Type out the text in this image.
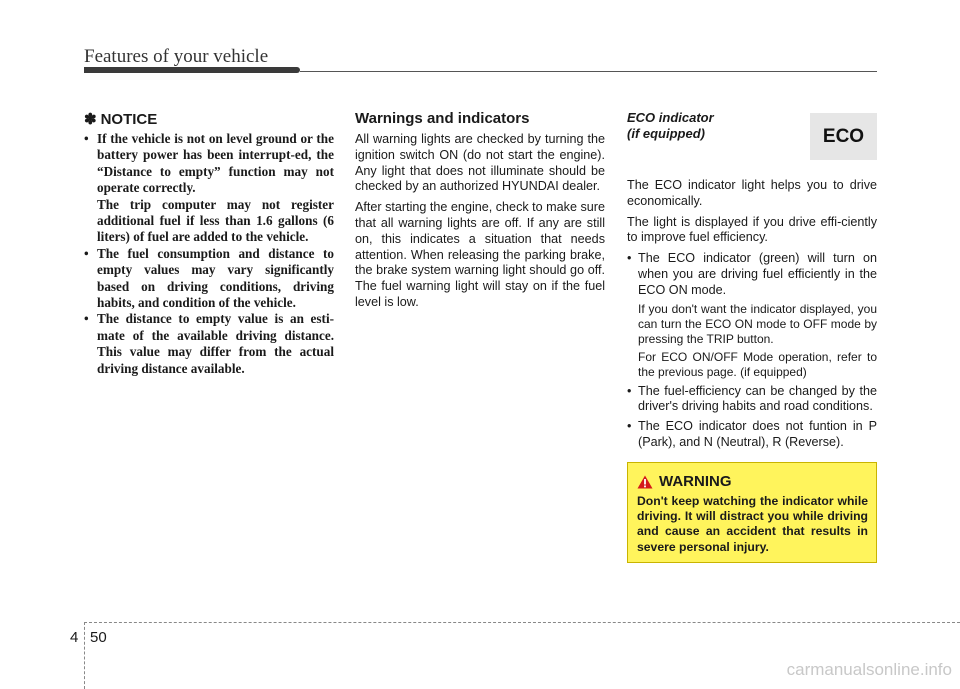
Features of your vehicle
✽ NOTICE
• If the vehicle is not on level ground or the battery power has been interrupt-ed, the “Distance to empty” function may not operate correctly.

The trip computer may not register additional fuel if less than 1.6 gallons (6 liters) of fuel are added to the vehicle.

• The fuel consumption and distance to empty values may vary significantly based on driving conditions, driving habits, and condition of the vehicle.
• The distance to empty value is an esti-mate of the available driving distance. This value may differ from the actual driving distance available.
Warnings and indicators

All warning lights are checked by turning the ignition switch ON (do not start the engine). Any light that does not illuminate should be checked by an authorized HYUNDAI dealer.

After starting the engine, check to make sure that all warning lights are off. If any are still on, this indicates a situation that needs attention. When releasing the parking brake, the brake system warning light should go off. The fuel warning light will stay on if the fuel level is low.

ECO indicator

(if equipped)	ECO

The ECO indicator light helps you to drive economically.

The light is displayed if you drive effi-ciently to improve fuel efficiency.

• The ECO indicator (green) will turn on when you are driving fuel efficiently in the ECO ON mode.

If you don't want the indicator displayed, you can turn the ECO ON mode to OFF mode by pressing the TRIP button.

For ECO ON/OFF Mode operation, refer to the previous page. (if equipped)

• The fuel-efficiency can be changed by the driver's driving habits and road conditions.

• The ECO indicator does not funtion in P (Park), and N (Neutral), R (Reverse).

WARNING
Don't keep watching the indicator while driving. It will distract you while driving and cause an accident that results in severe personal injury.
4 50
carmanualsonline.info
